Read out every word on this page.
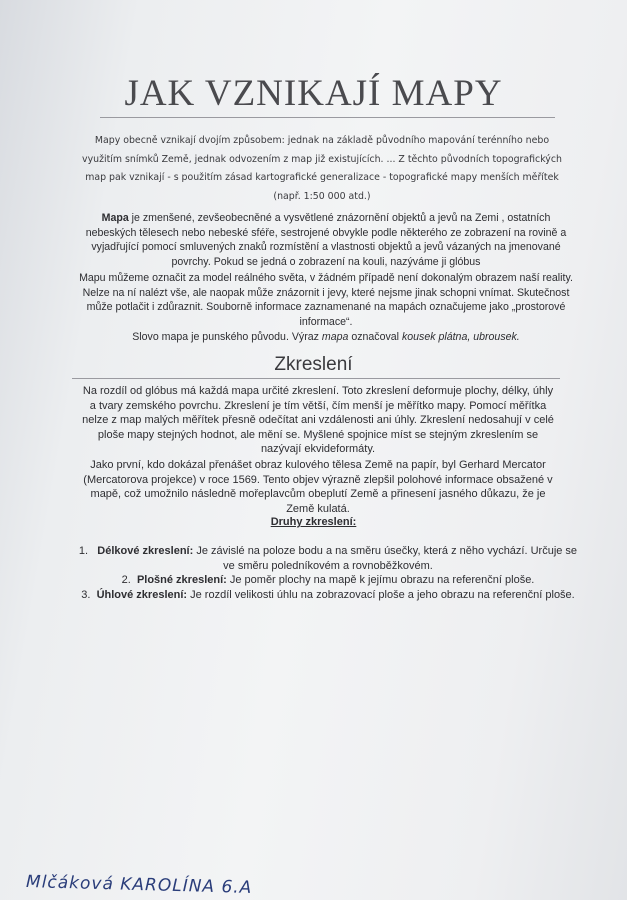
JAK VZNIKAJÍ MAPY

Mapy obecně vznikají dvojím způsobem: jednak na základě původního mapování terénního nebo využitím snímků Země, jednak odvozením z map již existujících. ... Z těchto původních topografických map pak vznikají - s použitím zásad kartografické generalizace - topografické mapy menších měřítek (např. 1:50 000 atd.)

Mapa je zmenšené, zevšeobecněné a vysvětlené znázornění objektů a jevů na Zemi , ostatních nebeských tělesech nebo nebeské sféře, sestrojené obvykle podle některého ze zobrazení na rovině a vyjadřující pomocí smluvených znaků rozmístění a vlastnosti objektů a jevů vázaných na jmenované povrchy. Pokud se jedná o zobrazení na kouli, nazýváme ji glóbus

Mapu můžeme označit za model reálného světa, v žádném případě není dokonalým obrazem naší reality. Nelze na ní nalézt vše, ale naopak může znázornit i jevy, které nejsme jinak schopni vnímat. Skutečnost může potlačit i zdůraznit. Souborně informace zaznamenané na mapách označujeme jako „prostorové informace“.

Slovo mapa je punského původu. Výraz mapa označoval kousek plátna, ubrousek.

Zkreslení

Na rozdíl od glóbus má každá mapa určité zkreslení. Toto zkreslení deformuje plochy, délky, úhly a tvary zemského povrchu. Zkreslení je tím větší, čím menší je měřítko mapy. Pomocí měřítka nelze z map malých měřítek přesně odečítat ani vzdálenosti ani úhly. Zkreslení nedosahují v celé ploše mapy stejných hodnot, ale mění se. Myšlené spojnice míst se stejným zkreslením se nazývají ekvideformáty.

Jako první, kdo dokázal přenášet obraz kulového tělesa Země na papír, byl Gerhard Mercator (Mercatorova projekce) v roce 1569. Tento objev výrazně zlepšil polohové informace obsažené v mapě, což umožnilo následně mořeplavcům obeplutí Země a přinesení jasného důkazu, že je Země kulatá.

Druhy zkreslení:

1. Délkové zkreslení: Je závislé na poloze bodu a na směru úsečky, která z něho vychází. Určuje se ve směru poledníkovém a rovnoběžkovém.
2. Plošné zkreslení: Je poměr plochy na mapě k jejímu obrazu na referenční ploše.
3. Úhlové zkreslení: Je rozdíl velikosti úhlu na zobrazovací ploše a jeho obrazu na referenční ploše.
Mlčáková KAROLÍNA 6.A
